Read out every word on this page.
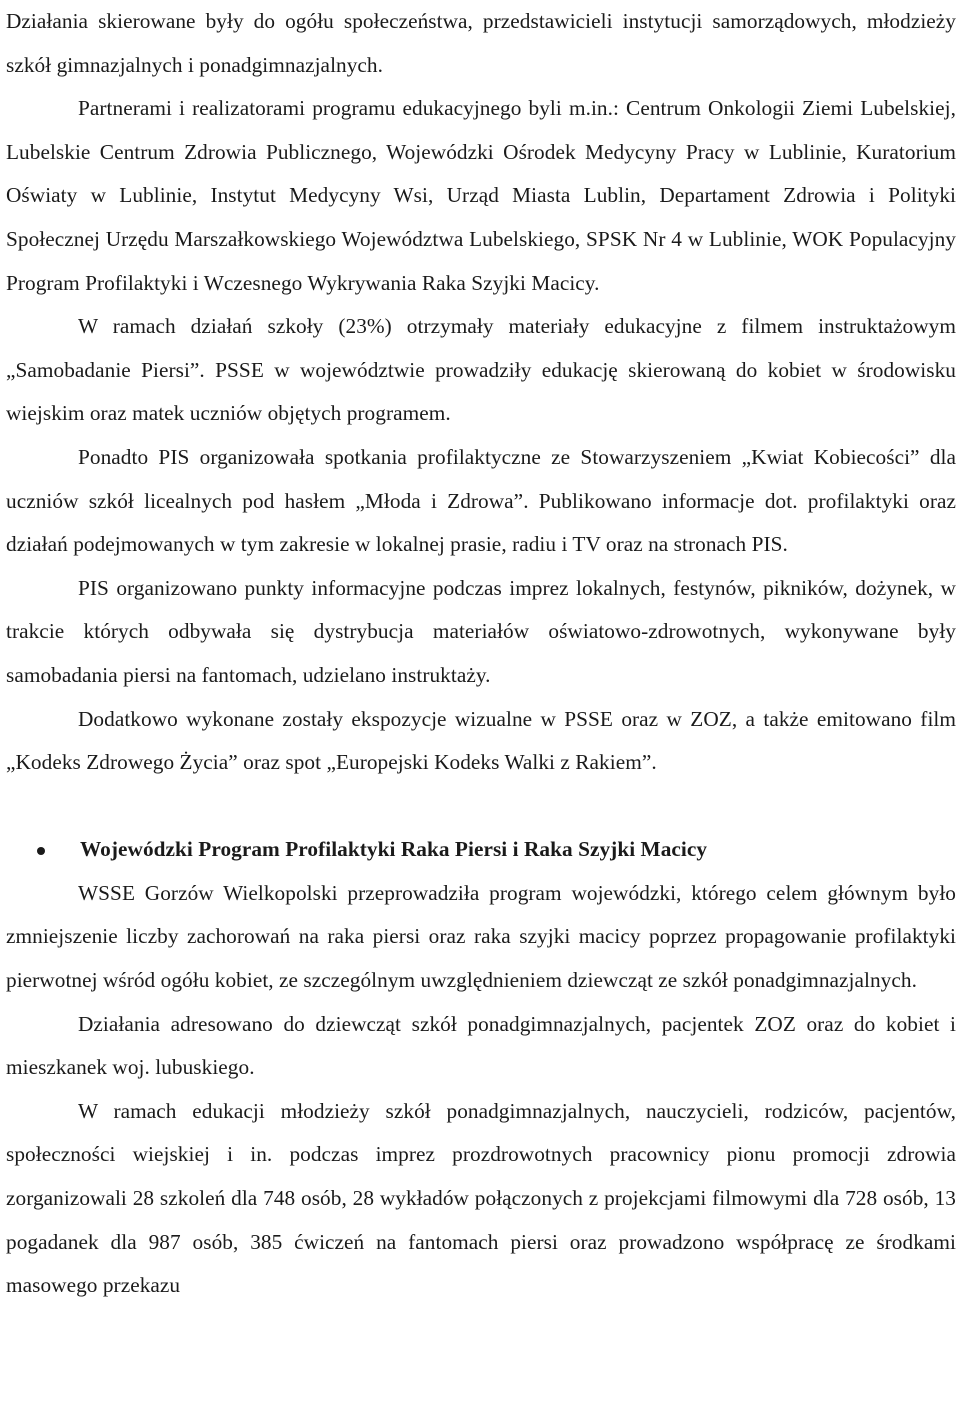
Działania skierowane były do ogółu społeczeństwa, przedstawicieli instytucji samorządowych, młodzieży szkół gimnazjalnych i ponadgimnazjalnych.

Partnerami i realizatorami programu edukacyjnego byli m.in.: Centrum Onkologii Ziemi Lubelskiej, Lubelskie Centrum Zdrowia Publicznego, Wojewódzki Ośrodek Medycyny Pracy w Lublinie, Kuratorium Oświaty w Lublinie, Instytut Medycyny Wsi, Urząd Miasta Lublin, Departament Zdrowia i Polityki Społecznej Urzędu Marszałkowskiego Województwa Lubelskiego, SPSK Nr 4 w Lublinie, WOK Populacyjny Program Profilaktyki i Wczesnego Wykrywania Raka Szyjki Macicy.

W ramach działań szkoły (23%) otrzymały materiały edukacyjne z filmem instruktażowym „Samobadanie Piersi”. PSSE w województwie prowadziły edukację skierowaną do kobiet w środowisku wiejskim oraz matek uczniów objętych programem.

Ponadto PIS organizowała spotkania profilaktyczne ze Stowarzyszeniem „Kwiat Kobiecości” dla uczniów szkół licealnych pod hasłem „Młoda i Zdrowa”. Publikowano informacje dot. profilaktyki oraz działań podejmowanych w tym zakresie w lokalnej prasie, radiu i TV oraz na stronach PIS.

PIS organizowano punkty informacyjne podczas imprez lokalnych, festynów, pikników, dożynek, w trakcie których odbywała się dystrybucja materiałów oświatowo-zdrowotnych, wykonywane były samobadania piersi na fantomach, udzielano instruktaży.

Dodatkowo wykonane zostały ekspozycje wizualne w PSSE oraz w ZOZ, a także emitowano film „Kodeks Zdrowego Życia” oraz spot „Europejski Kodeks Walki z Rakiem”.

Wojewódzki Program Profilaktyki Raka Piersi i Raka Szyjki Macicy

WSSE Gorzów Wielkopolski przeprowadziła program wojewódzki, którego celem głównym było zmniejszenie liczby zachorowań na raka piersi oraz raka szyjki macicy poprzez propagowanie profilaktyki pierwotnej wśród ogółu kobiet, ze szczególnym uwzględnieniem dziewcząt ze szkół ponadgimnazjalnych.

Działania adresowano do dziewcząt szkół ponadgimnazjalnych, pacjentek ZOZ oraz do kobiet i mieszkanek woj. lubuskiego.

W ramach edukacji młodzieży szkół ponadgimnazjalnych, nauczycieli, rodziców, pacjentów, społeczności wiejskiej i in. podczas imprez prozdrowotnych pracownicy pionu promocji zdrowia zorganizowali 28 szkoleń dla 748 osób, 28 wykładów połączonych z projekcjami filmowymi dla 728 osób, 13 pogadanek dla 987 osób, 385 ćwiczeń na fantomach piersi oraz prowadzono współpracę ze środkami masowego przekazu
